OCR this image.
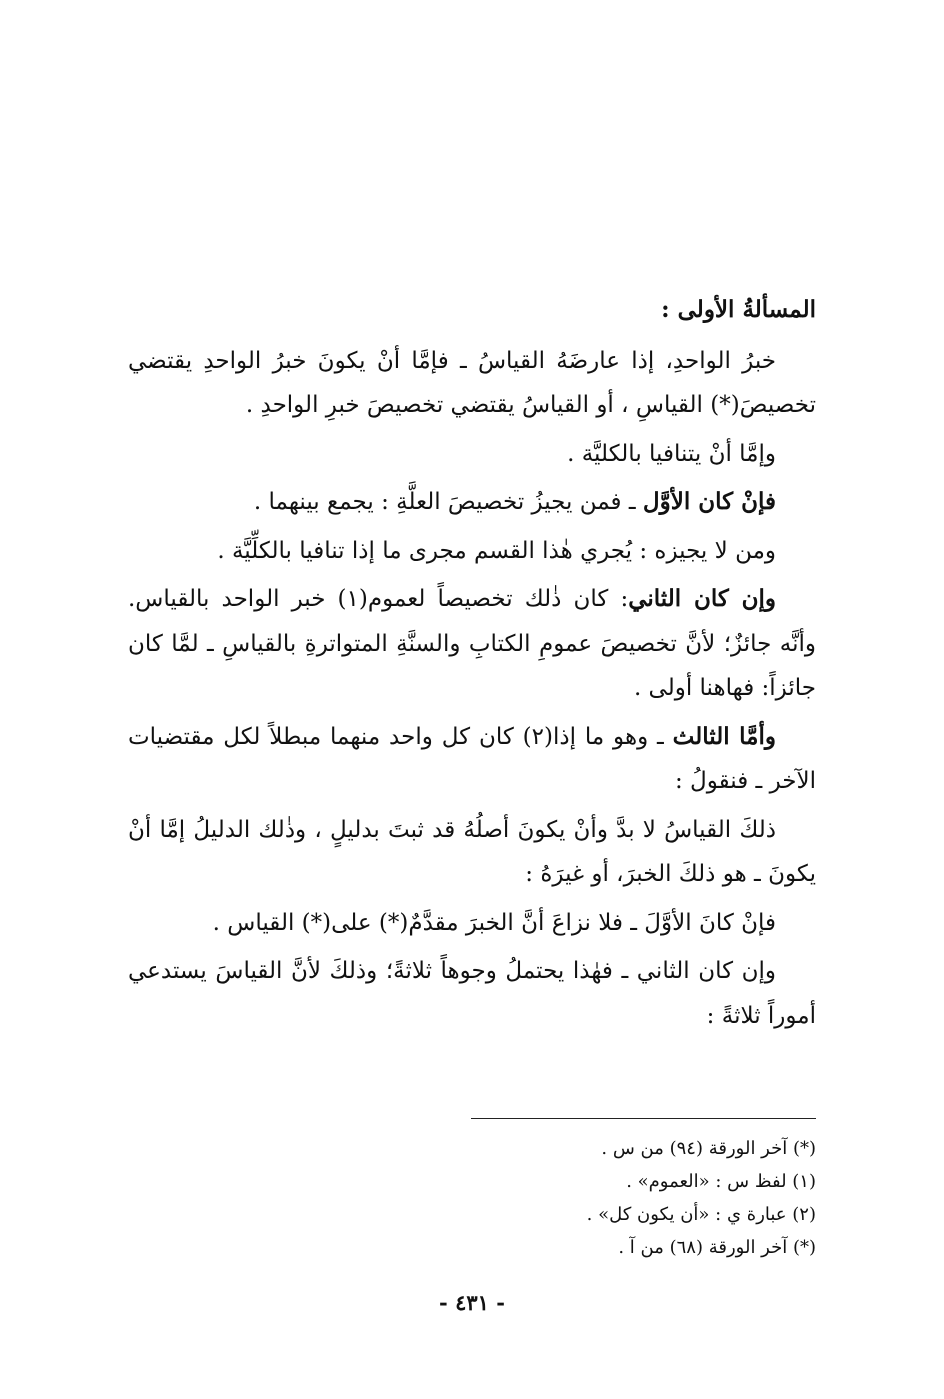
المسألةُ الأولى :

خبرُ الواحدِ، إذا عارضَهُ القياسُ ـ فإمَّا أنْ يكونَ خبرُ الواحدِ يقتضي تخصيصَ(*) القياسِ ، أو القياسُ يقتضي تخصيصَ خبرِ الواحدِ .

وإمَّا أنْ يتنافيا بالكليَّة .

فإنْ كان الأوَّل ـ فمن يجيزُ تخصيصَ العلَّةِ : يجمع بينهما .

ومن لا يجيزه : يُجري هٰذا القسم مجرى ما إذا تنافيا بالكلِّيَّة .

وإن كان الثاني: كان ذٰلك تخصيصاً لعموم(١) خبر الواحد بالقياس. وأنَّه جائزٌ؛ لأنَّ تخصيصَ عمومِ الكتابِ والسنَّةِ المتواترةِ بالقياسِ ـ لمَّا كان جائزاً: فهاهنا أولى .

وأمَّا الثالث ـ وهو ما إذا(٢) كان كل واحد منهما مبطلاً لكل مقتضيات الآخر ـ فنقولُ :

ذلكَ القياسُ لا بدَّ وأنْ يكونَ أصلُهُ قد ثبتَ بدليلٍ ، وذٰلك الدليلُ إمَّا أنْ يكونَ ـ هو ذلكَ الخبرَ، أو غيرَهُ :

فإنْ كانَ الأوَّلَ ـ فلا نزاعَ أنَّ الخبرَ مقدَّمٌ(*) على(*) القياس .

وإن كان الثاني ـ فهٰذا يحتملُ وجوهاً ثلاثةً؛ وذلكَ لأنَّ القياسَ يستدعي أموراً ثلاثةً :

(*) آخر الورقة (٩٤) من س .

(١) لفظ س : «العموم» .

(٢) عبارة ي : «أن يكون كل» .

(*) آخر الورقة (٦٨) من آ .

- ٤٣١ -
